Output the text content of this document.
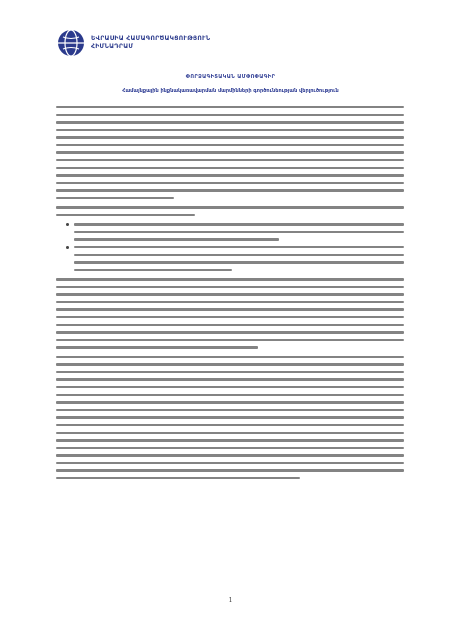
ԵՎՐԱՍԻԱ ՀԱՄԱԳՈՐԾԱԿՑՈՒԹՅՈՒՆ
ՀԻՄՆԱԴՐԱՄ
ՓՈՐՁԱԳԻՏԱԿԱՆ ԱՄՓՈՓԱԳԻՐ
Համայնքային ինքնակառավարման մարմինների գործունեության վերլուծություն
1
